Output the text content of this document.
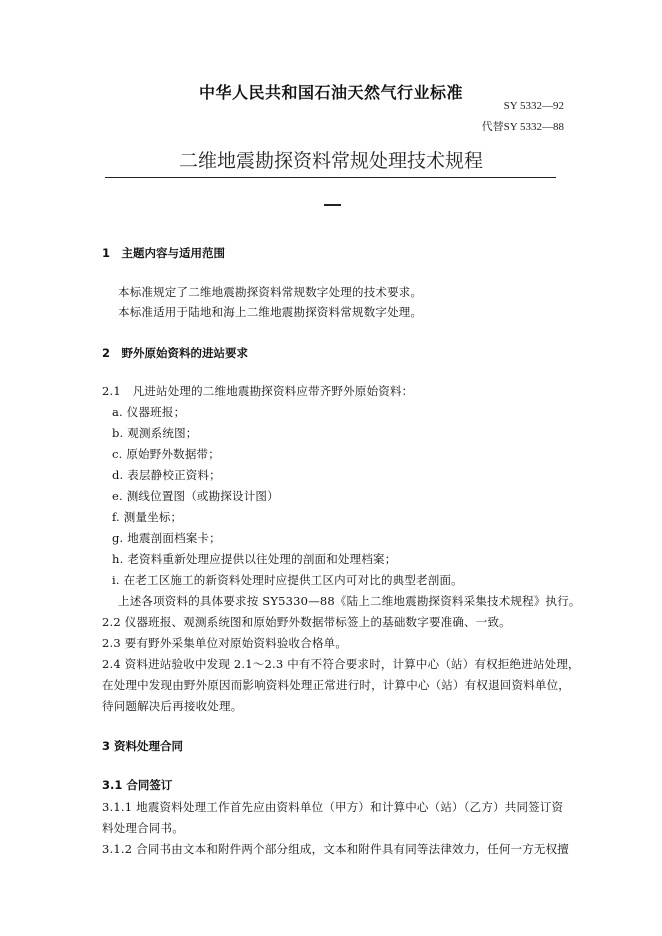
中华人民共和国石油天然气行业标准
SY 5332—92
代替SY 5332—88
二维地震勘探资料常规处理技术规程
1　主题内容与适用范围
本标准规定了二维地震勘探资料常规数字处理的技术要求。
本标准适用于陆地和海上二维地震勘探资料常规数字处理。
2　野外原始资料的进站要求
2.1　凡进站处理的二维地震勘探资料应带齐野外原始资料：
a. 仪器班报；
b. 观测系统图；
c. 原始野外数据带；
d. 表层静校正资料；
e. 测线位置图（或勘探设计图）
f. 测量坐标；
g. 地震剖面档案卡；
h. 老资料重新处理应提供以往处理的剖面和处理档案；
i. 在老工区施工的新资料处理时应提供工区内可对比的典型老剖面。
上述各项资料的具体要求按 SY5330—88《陆上二维地震勘探资料采集技术规程》执行。
2.2 仪器班报、观测系统图和原始野外数据带标签上的基础数字要准确、一致。
2.3 要有野外采集单位对原始资料验收合格单。
2.4 资料进站验收中发现 2.1～2.3 中有不符合要求时，计算中心（站）有权拒绝进站处理，
在处理中发现由野外原因而影响资料处理正常进行时，计算中心（站）有权退回资料单位，
待问题解决后再接收处理。
3 资料处理合同
3.1 合同签订
3.1.1 地震资料处理工作首先应由资料单位（甲方）和计算中心（站）（乙方）共同签订资
料处理合同书。
3.1.2 合同书由文本和附件两个部分组成，文本和附件具有同等法律效力，任何一方无权擅
